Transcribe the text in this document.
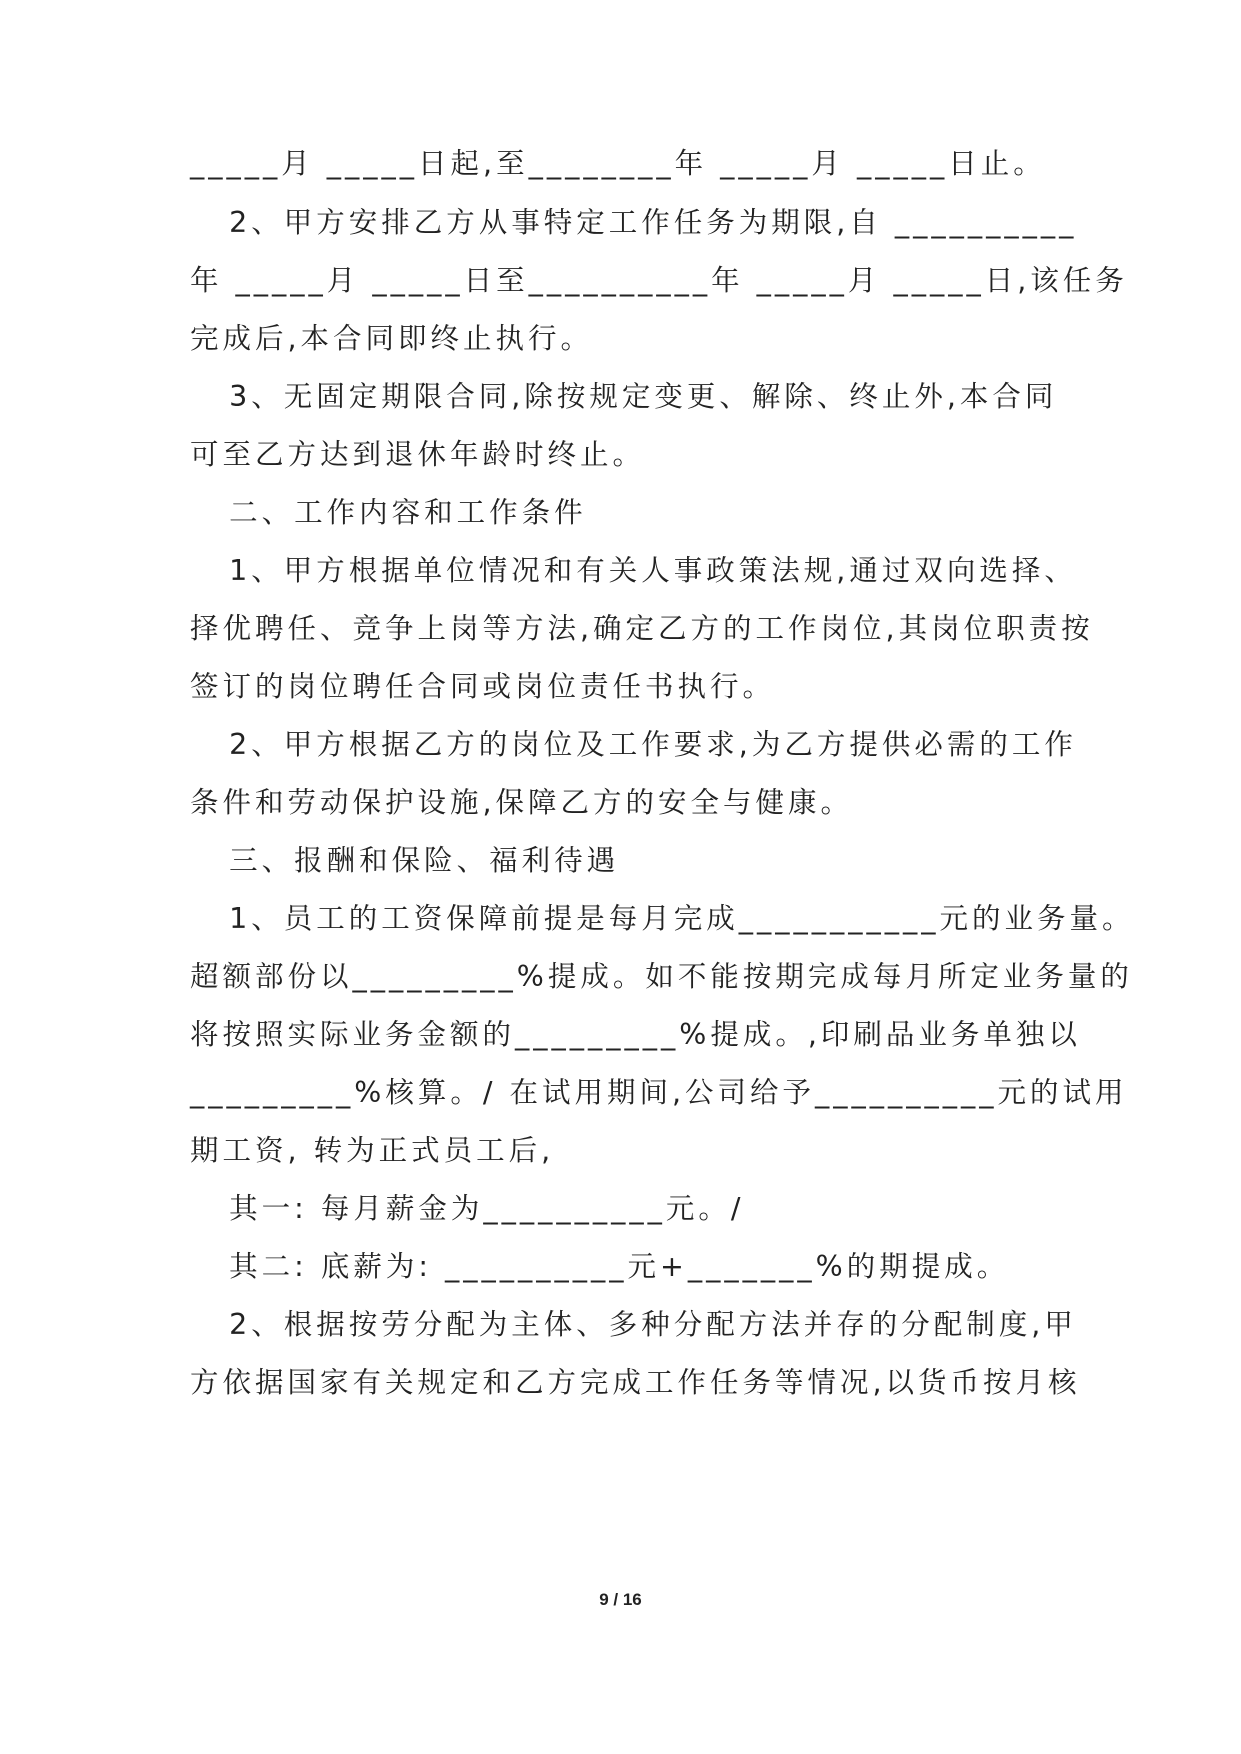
_____月 _____日起,至________年 _____月 _____日止。
2、甲方安排乙方从事特定工作任务为期限,自 __________
年 _____月 _____日至__________年 _____月 _____日,该任务
完成后,本合同即终止执行。
3、无固定期限合同,除按规定变更、解除、终止外,本合同
可至乙方达到退休年龄时终止。
二、工作内容和工作条件
1、甲方根据单位情况和有关人事政策法规,通过双向选择、
择优聘任、竞争上岗等方法,确定乙方的工作岗位,其岗位职责按
签订的岗位聘任合同或岗位责任书执行。
2、甲方根据乙方的岗位及工作要求,为乙方提供必需的工作
条件和劳动保护设施,保障乙方的安全与健康。
三、报酬和保险、福利待遇
1、员工的工资保障前提是每月完成___________元的业务量。
超额部份以_________%提成。如不能按期完成每月所定业务量的
将按照实际业务金额的_________%提成。,印刷品业务单独以
_________%核算。/ 在试用期间,公司给予__________元的试用
期工资, 转为正式员工后,
其一: 每月薪金为__________元。/
其二: 底薪为: __________元+_______%的期提成。
2、根据按劳分配为主体、多种分配方法并存的分配制度,甲
方依据国家有关规定和乙方完成工作任务等情况,以货币按月核
9 / 16
